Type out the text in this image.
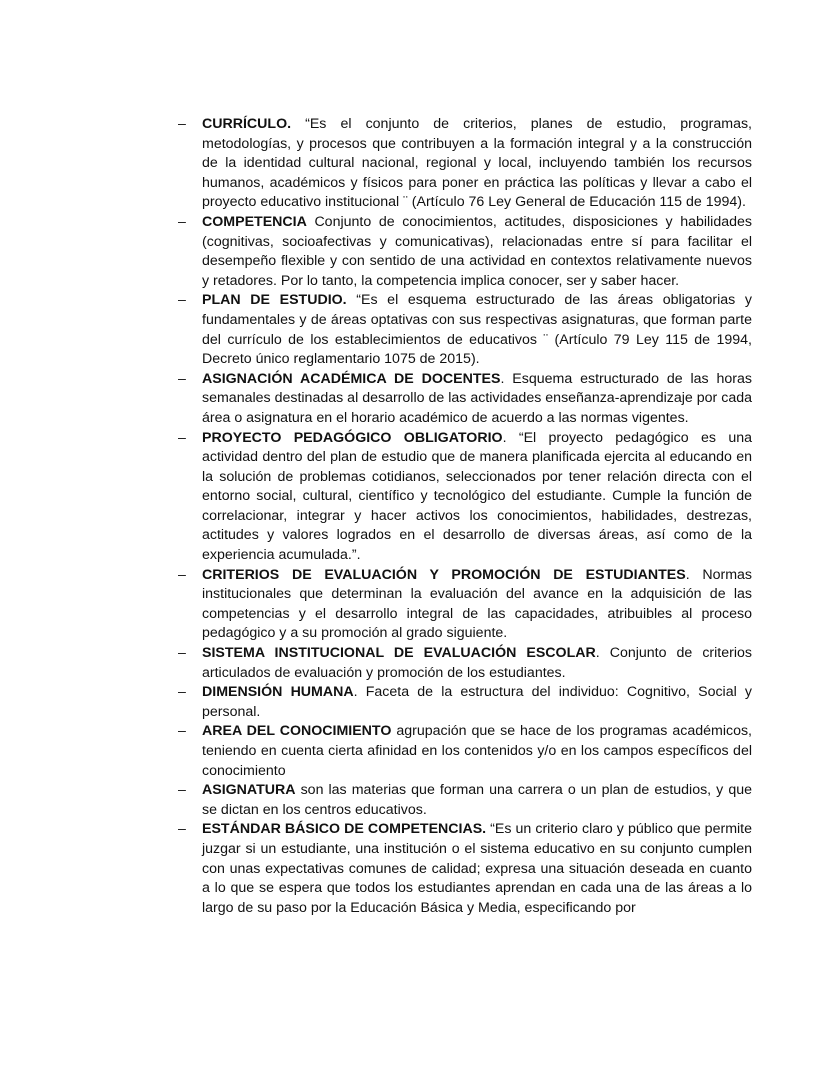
– CURRÍCULO. “Es el conjunto de criterios, planes de estudio, programas, metodologías, y procesos que contribuyen a la formación integral y a la construcción de la identidad cultural nacional, regional y local, incluyendo también los recursos humanos, académicos y físicos para poner en práctica las políticas y llevar a cabo el proyecto educativo institucional ¨ (Artículo 76 Ley General de Educación 115 de 1994).
– COMPETENCIA Conjunto de conocimientos, actitudes, disposiciones y habilidades (cognitivas, socioafectivas y comunicativas), relacionadas entre sí para facilitar el desempeño flexible y con sentido de una actividad en contextos relativamente nuevos y retadores. Por lo tanto, la competencia implica conocer, ser y saber hacer.
– PLAN DE ESTUDIO. “Es el esquema estructurado de las áreas obligatorias y fundamentales y de áreas optativas con sus respectivas asignaturas, que forman parte del currículo de los establecimientos de educativos ¨ (Artículo 79 Ley 115 de 1994, Decreto único reglamentario 1075 de 2015).
– ASIGNACIÓN ACADÉMICA DE DOCENTES. Esquema estructurado de las horas semanales destinadas al desarrollo de las actividades enseñanza-aprendizaje por cada área o asignatura en el horario académico de acuerdo a las normas vigentes.
– PROYECTO PEDAGÓGICO OBLIGATORIO. “El proyecto pedagógico es una actividad dentro del plan de estudio que de manera planificada ejercita al educando en la solución de problemas cotidianos, seleccionados por tener relación directa con el entorno social, cultural, científico y tecnológico del estudiante. Cumple la función de correlacionar, integrar y hacer activos los conocimientos, habilidades, destrezas, actitudes y valores logrados en el desarrollo de diversas áreas, así como de la experiencia acumulada.”.
– CRITERIOS DE EVALUACIÓN Y PROMOCIÓN DE ESTUDIANTES. Normas institucionales que determinan la evaluación del avance en la adquisición de las competencias y el desarrollo integral de las capacidades, atribuibles al proceso pedagógico y a su promoción al grado siguiente.
– SISTEMA INSTITUCIONAL DE EVALUACIÓN ESCOLAR. Conjunto de criterios articulados de evaluación y promoción de los estudiantes.
– DIMENSIÓN HUMANA. Faceta de la estructura del individuo: Cognitivo, Social y personal.
– AREA DEL CONOCIMIENTO agrupación que se hace de los programas académicos, teniendo en cuenta cierta afinidad en los contenidos y/o en los campos específicos del conocimiento
– ASIGNATURA son las materias que forman una carrera o un plan de estudios, y que se dictan en los centros educativos.
– ESTÁNDAR BÁSICO DE COMPETENCIAS. “Es un criterio claro y público que permite juzgar si un estudiante, una institución o el sistema educativo en su conjunto cumplen con unas expectativas comunes de calidad; expresa una situación deseada en cuanto a lo que se espera que todos los estudiantes aprendan en cada una de las áreas a lo largo de su paso por la Educación Básica y Media, especificando por
